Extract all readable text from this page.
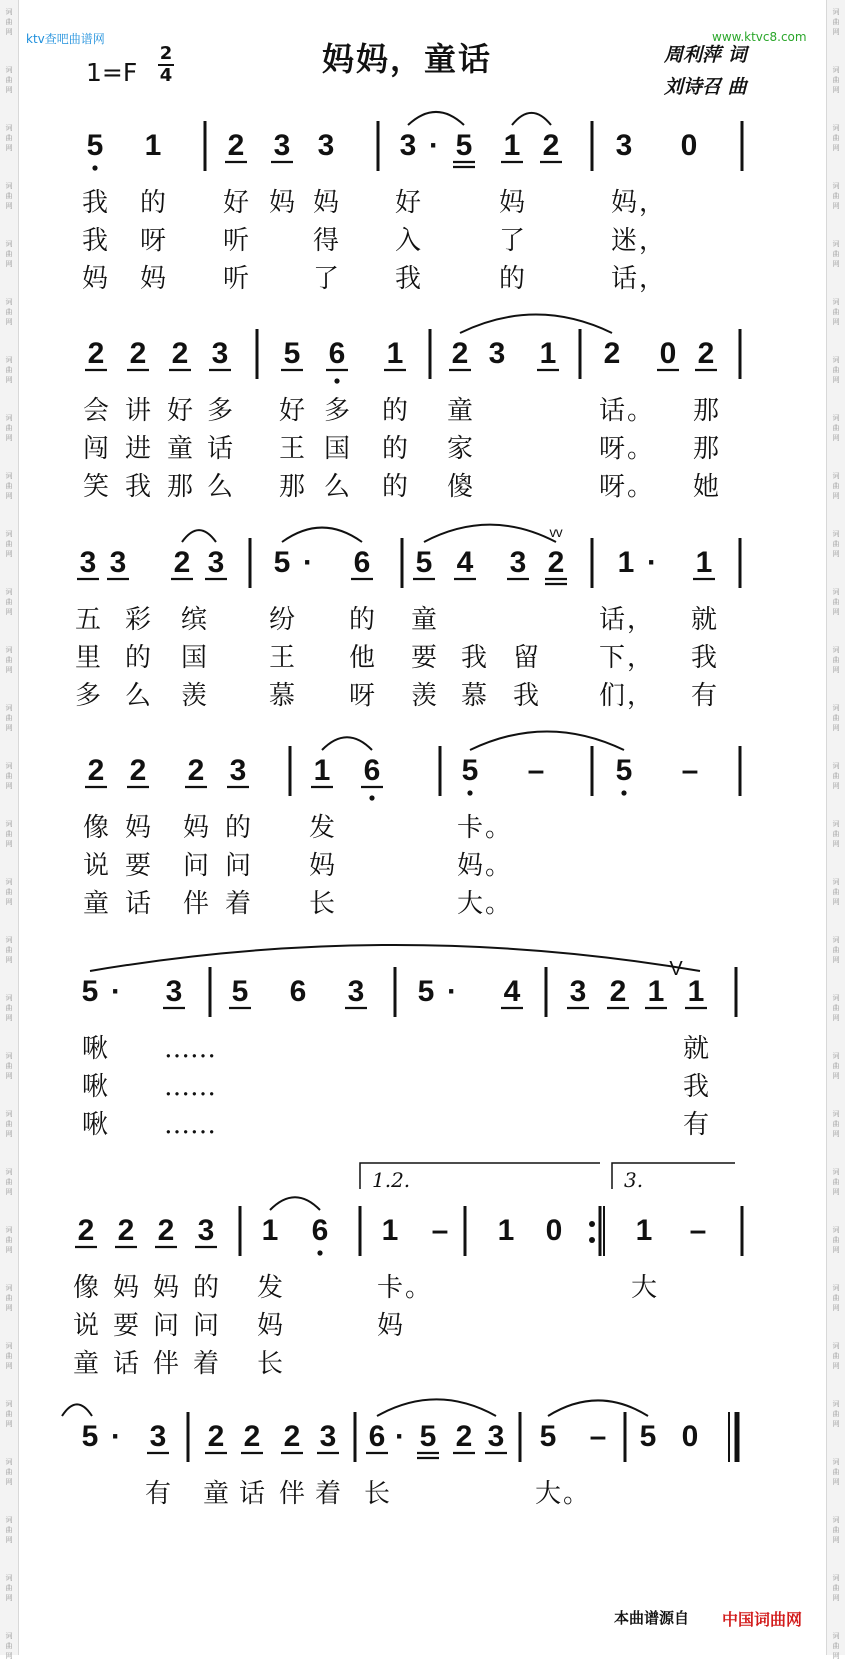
词
曲
网
词
曲
网
词
曲
网
词
曲
网
词
曲
网
词
曲
网
词
曲
网
词
曲
网
词
曲
网
词
曲
网
词
曲
网
词
曲
网
词
曲
网
词
曲
网
词
曲
网
词
曲
网
词
曲
网
词
曲
网
词
曲
网
词
曲
网
词
曲
网
词
曲
网
词
曲
网
词
曲
网
词
曲
网
词
曲
网
词
曲
网
词
曲
网
词
曲
网
词
曲
网
词
曲
网
词
曲
网
词
曲
网
词
曲
网
词
曲
网
词
曲
网
词
曲
网
词
曲
网
词
曲
网
词
曲
网
词
曲
网
词
曲
网
词
曲
网
词
曲
网
词
曲
网
词
曲
网
词
曲
网
词
曲
网
词
曲
网
词
曲
网
词
曲
网
词
曲
网
词
曲
网
词
曲
网
词
曲
网
词
曲
网
词
曲
网
词
曲
网
ktv查吧曲谱网	www.ktvc8.com
1=F
2
4	妈妈，童话	周利萍 词
刘诗召 曲
5 1 2 3 3 3 · 5 1 2 3 0
我 的 好 妈 妈 好	妈	妈 ，
我 呀 听 得 入	了	迷 ，
妈 妈 听 了 我	的	话 ，
2 2 2 3 5 6 1 2 3 1 2 0 2
会 讲 好 多 好 多 的 童	话 。 那
闯 进 童 话 王 国 的 家	呀 。 那
笑 我 那 么 那 么 的 傻	呀 。 她
3 3 2 3 5 · 6 5 4 3 2
ᵛᵛ
1 · 1
五 彩 缤 纷 的 童	话 ， 就
里 的 国 王 他 要 我 留 下 ， 我
多 么 羡 慕 呀 羡 慕 我 们 ， 有
2 2 2 3 1 6	5 – 5 –
像 妈 妈 的 发	卡 。
说 要 问 问 妈	妈 。
童 话 伴 着 长	大 。
5 · 3 5 6 3 5 · 4 3 2 1 1
V
啾 ……	就
啾 ……	我
啾 ……	有
1.2.	3.
2 2 2 3 1 6 1 – 1 0 1 –
像 妈 妈 的 发	卡 。	大
说 要 问 问 妈	妈
童 话 伴 着 长
5 · 3 2 2 2 3 6 · 5 2 3 5 – 5 0
有 童 话 伴 着 长	大 。
本曲谱源自 中国词曲网
